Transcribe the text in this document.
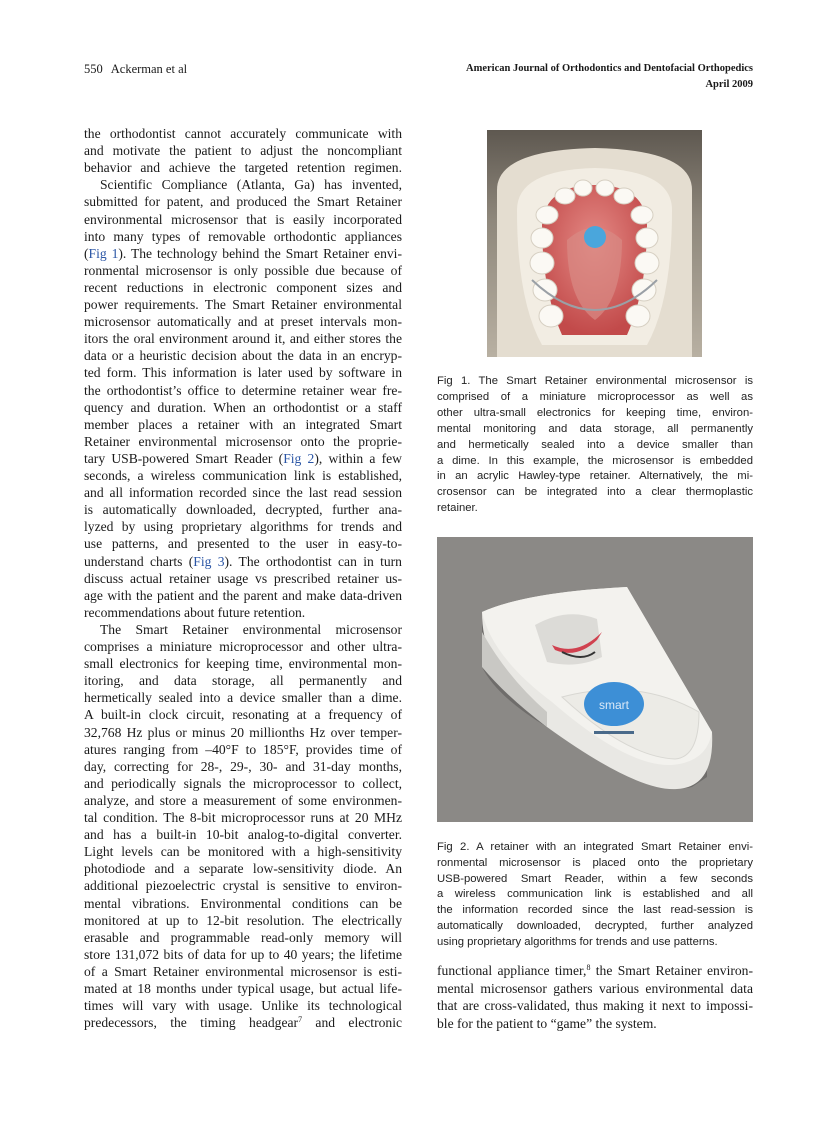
550 Ackerman et al	American Journal of Orthodontics and Dentofacial Orthopedics
April 2009
the orthodontist cannot accurately communicate with
and motivate the patient to adjust the noncompliant
behavior and achieve the targeted retention regimen.
Scientific Compliance (Atlanta, Ga) has invented,
submitted for patent, and produced the Smart Retainer
environmental microsensor that is easily incorporated
into many types of removable orthodontic appliances
(Fig 1). The technology behind the Smart Retainer envi-
ronmental microsensor is only possible due because of
recent reductions in electronic component sizes and
power requirements. The Smart Retainer environmental
microsensor automatically and at preset intervals mon-
itors the oral environment around it, and either stores the
data or a heuristic decision about the data in an encryp-
ted form. This information is later used by software in
the orthodontist’s office to determine retainer wear fre-
quency and duration. When an orthodontist or a staff
member places a retainer with an integrated Smart
Retainer environmental microsensor onto the proprie-
tary USB-powered Smart Reader (Fig 2), within a few
seconds, a wireless communication link is established,
and all information recorded since the last read session
is automatically downloaded, decrypted, further ana-
lyzed by using proprietary algorithms for trends and
use patterns, and presented to the user in easy-to-
understand charts (Fig 3). The orthodontist can in turn
discuss actual retainer usage vs prescribed retainer us-
age with the patient and the parent and make data-driven
recommendations about future retention.
The Smart Retainer environmental microsensor
comprises a miniature microprocessor and other ultra-
small electronics for keeping time, environmental mon-
itoring, and data storage, all permanently and
hermetically sealed into a device smaller than a dime.
A built-in clock circuit, resonating at a frequency of
32,768 Hz plus or minus 20 millionths Hz over temper-
atures ranging from –40°F to 185°F, provides time of
day, correcting for 28-, 29-, 30- and 31-day months,
and periodically signals the microprocessor to collect,
analyze, and store a measurement of some environmen-
tal condition. The 8-bit microprocessor runs at 20 MHz
and has a built-in 10-bit analog-to-digital converter.
Light levels can be monitored with a high-sensitivity
photodiode and a separate low-sensitivity diode. An
additional piezoelectric crystal is sensitive to environ-
mental vibrations. Environmental conditions can be
monitored at up to 12-bit resolution. The electrically
erasable and programmable read-only memory will
store 131,072 bits of data for up to 40 years; the lifetime
of a Smart Retainer environmental microsensor is esti-
mated at 18 months under typical usage, but actual life-
times will vary with usage. Unlike its technological
predecessors, the timing headgear$^7$ and electronic
Fig 1. The Smart Retainer environmental microsensor is
comprised of a miniature microprocessor as well as
other ultra-small electronics for keeping time, environ-
mental monitoring and data storage, all permanently
and hermetically sealed into a device smaller than
a dime. In this example, the microsensor is embedded
in an acrylic Hawley-type retainer. Alternatively, the mi-
crosensor can be integrated into a clear thermoplastic
retainer.
smart
Fig 2. A retainer with an integrated Smart Retainer envi-
ronmental microsensor is placed onto the proprietary
USB-powered Smart Reader, within a few seconds
a wireless communication link is established and all
the information recorded since the last read-session is
automatically downloaded, decrypted, further analyzed
using proprietary algorithms for trends and use patterns.
functional appliance timer,$^8$ the Smart Retainer environ-
mental microsensor gathers various environmental data
that are cross-validated, thus making it next to impossi-
ble for the patient to “game” the system.
